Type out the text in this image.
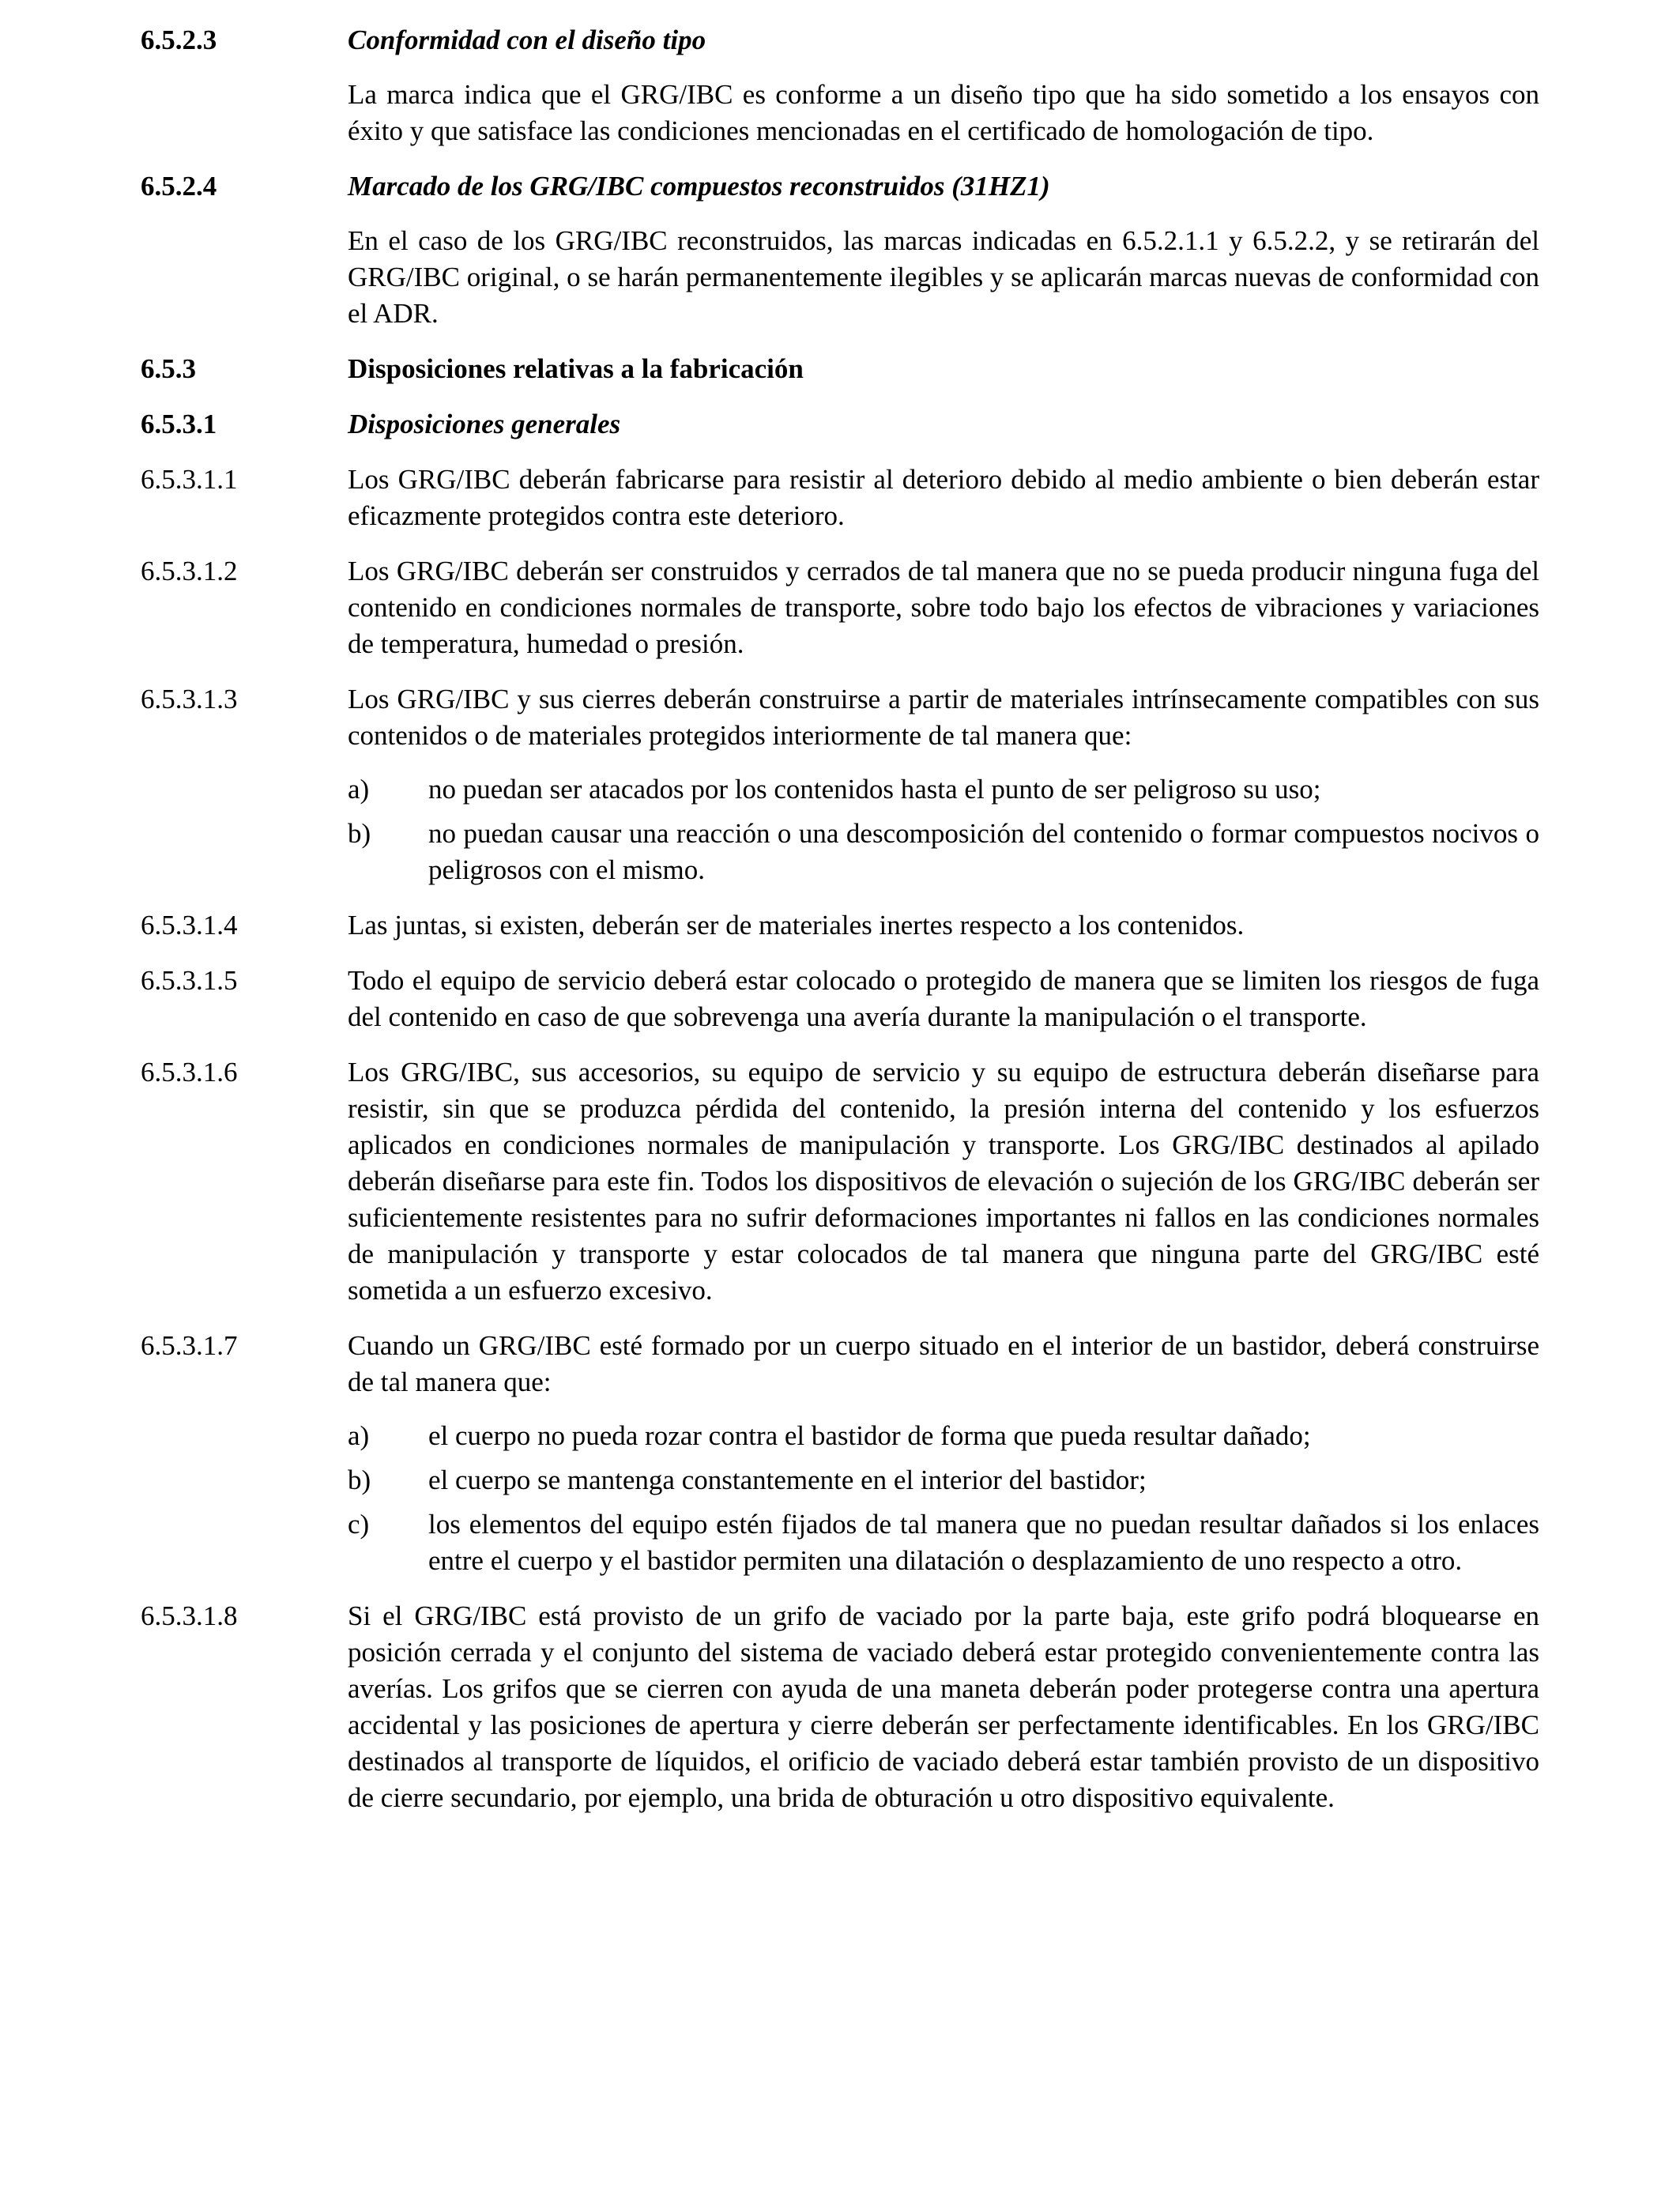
6.5.2.3	Conformidad con el diseño tipo

La marca indica que el GRG/IBC es conforme a un diseño tipo que ha sido sometido a los ensayos con éxito y que satisface las condiciones mencionadas en el certificado de homologación de tipo.

6.5.2.4	Marcado de los GRG/IBC compuestos reconstruidos (31HZ1)

En el caso de los GRG/IBC reconstruidos, las marcas indicadas en 6.5.2.1.1 y 6.5.2.2, y se retirarán del GRG/IBC original, o se harán permanentemente ilegibles y se aplicarán marcas nuevas de conformidad con el ADR.

6.5.3	Disposiciones relativas a la fabricación
6.5.3.1	Disposiciones generales
6.5.3.1.1	Los GRG/IBC deberán fabricarse para resistir al deterioro debido al medio ambiente o bien deberán estar eficazmente protegidos contra este deterioro.

6.5.3.1.2	Los GRG/IBC deberán ser construidos y cerrados de tal manera que no se pueda producir ninguna fuga del contenido en condiciones normales de transporte, sobre todo bajo los efectos de vibraciones y variaciones de temperatura, humedad o presión.

6.5.3.1.3	Los GRG/IBC y sus cierres deberán construirse a partir de materiales intrínsecamente compatibles con sus contenidos o de materiales protegidos interiormente de tal manera que:

a)	no puedan ser atacados por los contenidos hasta el punto de ser peligroso su uso;

b)	no puedan causar una reacción o una descomposición del contenido o formar compuestos nocivos o peligrosos con el mismo.

6.5.3.1.4	Las juntas, si existen, deberán ser de materiales inertes respecto a los contenidos.

6.5.3.1.5	Todo el equipo de servicio deberá estar colocado o protegido de manera que se limiten los riesgos de fuga del contenido en caso de que sobrevenga una avería durante la manipulación o el transporte.

6.5.3.1.6	Los GRG/IBC, sus accesorios, su equipo de servicio y su equipo de estructura deberán diseñarse para resistir, sin que se produzca pérdida del contenido, la presión interna del contenido y los esfuerzos aplicados en condiciones normales de manipulación y transporte. Los GRG/IBC destinados al apilado deberán diseñarse para este fin. Todos los dispositivos de elevación o sujeción de los GRG/IBC deberán ser suficientemente resistentes para no sufrir deformaciones importantes ni fallos en las condiciones normales de manipulación y transporte y estar colocados de tal manera que ninguna parte del GRG/IBC esté sometida a un esfuerzo excesivo.

6.5.3.1.7	Cuando un GRG/IBC esté formado por un cuerpo situado en el interior de un bastidor, deberá construirse de tal manera que:

a)	el cuerpo no pueda rozar contra el bastidor de forma que pueda resultar dañado;

b)	el cuerpo se mantenga constantemente en el interior del bastidor;

c)	los elementos del equipo estén fijados de tal manera que no puedan resultar dañados si los enlaces entre el cuerpo y el bastidor permiten una dilatación o desplazamiento de uno respecto a otro.

6.5.3.1.8	Si el GRG/IBC está provisto de un grifo de vaciado por la parte baja, este grifo podrá bloquearse en posición cerrada y el conjunto del sistema de vaciado deberá estar protegido convenientemente contra las averías. Los grifos que se cierren con ayuda de una maneta deberán poder protegerse contra una apertura accidental y las posiciones de apertura y cierre deberán ser perfectamente identificables. En los GRG/IBC destinados al transporte de líquidos, el orificio de vaciado deberá estar también provisto de un dispositivo de cierre secundario, por ejemplo, una brida de obturación u otro dispositivo equivalente.
